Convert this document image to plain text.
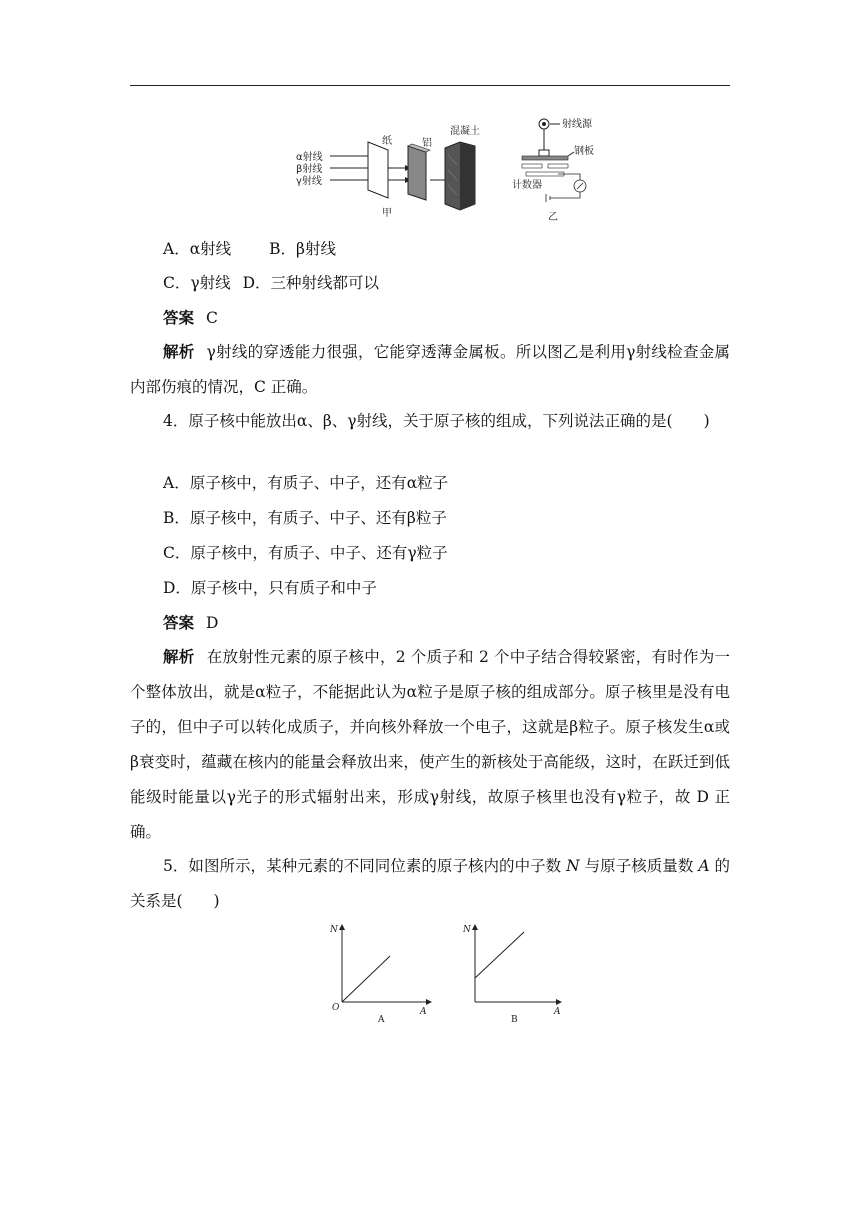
α射线
β射线
γ射线
纸	铝
混凝土
甲
射线源
钢板
计数器
乙
A．α射线 B．β射线
C．γ射线 D．三种射线都可以
答案 C
解析 γ射线的穿透能力很强，它能穿透薄金属板。所以图乙是利用γ射线检查金属内部伤痕的情况，C 正确。
4．原子核中能放出α、β、γ射线，关于原子核的组成，下列说法正确的是(　　)
A．原子核中，有质子、中子，还有α粒子
B．原子核中，有质子、中子、还有β粒子
C．原子核中，有质子、中子、还有γ粒子
D．原子核中，只有质子和中子
答案 D
解析 在放射性元素的原子核中，2 个质子和 2 个中子结合得较紧密，有时作为一个整体放出，就是α粒子，不能据此认为α粒子是原子核的组成部分。原子核里是没有电子的，但中子可以转化成质子，并向核外释放一个电子，这就是β粒子。原子核发生α或β衰变时，蕴藏在核内的能量会释放出来，使产生的新核处于高能级，这时，在跃迁到低能级时能量以γ光子的形式辐射出来，形成γ射线，故原子核里也没有γ粒子，故 D 正确。
5．如图所示，某种元素的不同同位素的原子核内的中子数 N 与原子核质量数 A 的关系是(　　)
N
O	A
A
N
A
B
